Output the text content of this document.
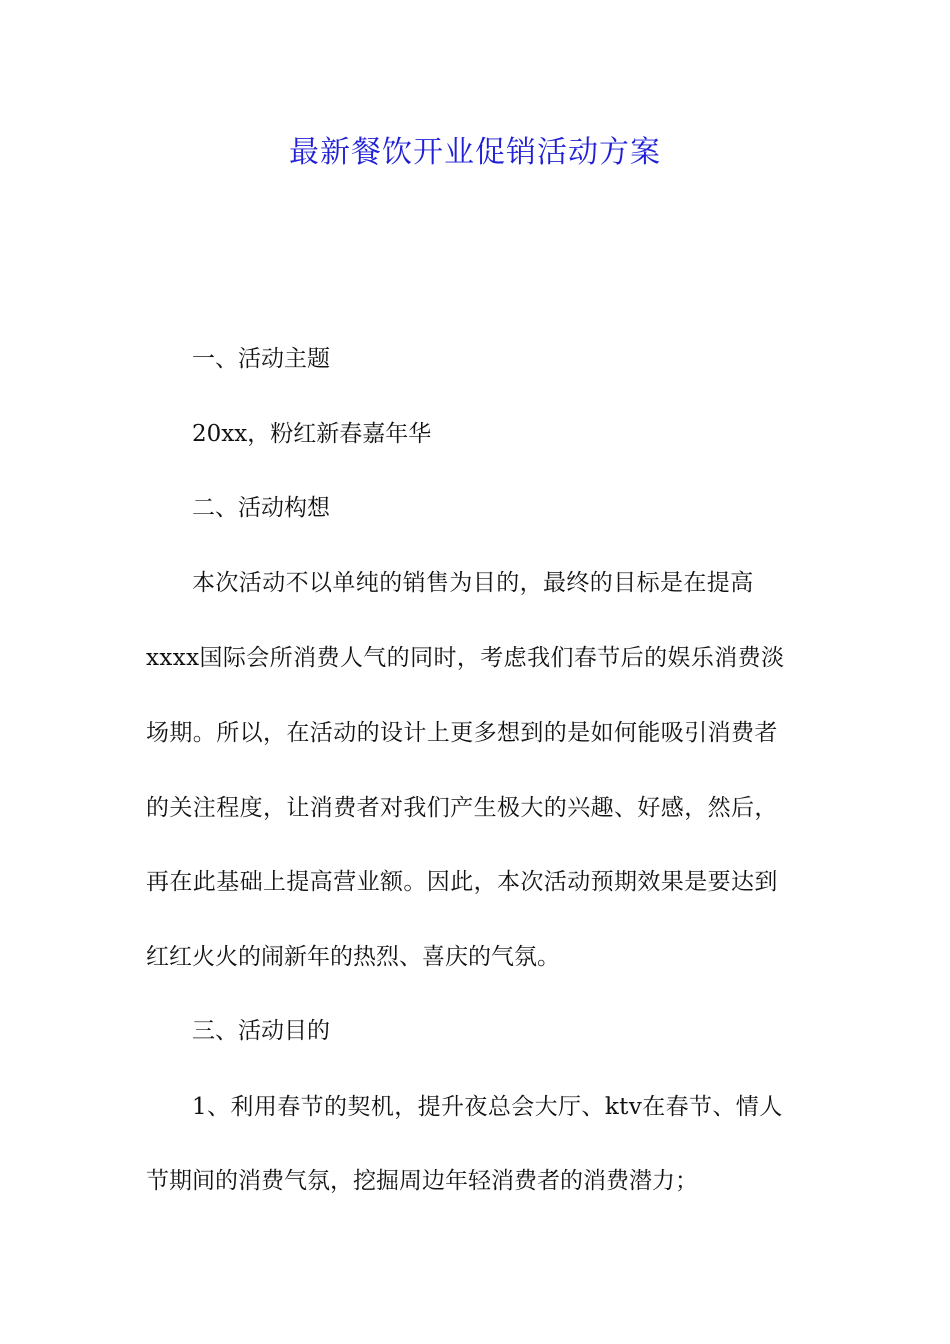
最新餐饮开业促销活动方案
一、活动主题
20xx，粉红新春嘉年华
二、活动构想
本次活动不以单纯的销售为目的，最终的目标是在提高
xxxx国际会所消费人气的同时，考虑我们春节后的娱乐消费淡
场期。所以，在活动的设计上更多想到的是如何能吸引消费者
的关注程度，让消费者对我们产生极大的兴趣、好感，然后，
再在此基础上提高营业额。因此，本次活动预期效果是要达到
红红火火的闹新年的热烈、喜庆的气氛。
三、活动目的
1、利用春节的契机，提升夜总会大厅、ktv在春节、情人
节期间的消费气氛，挖掘周边年轻消费者的消费潜力；
